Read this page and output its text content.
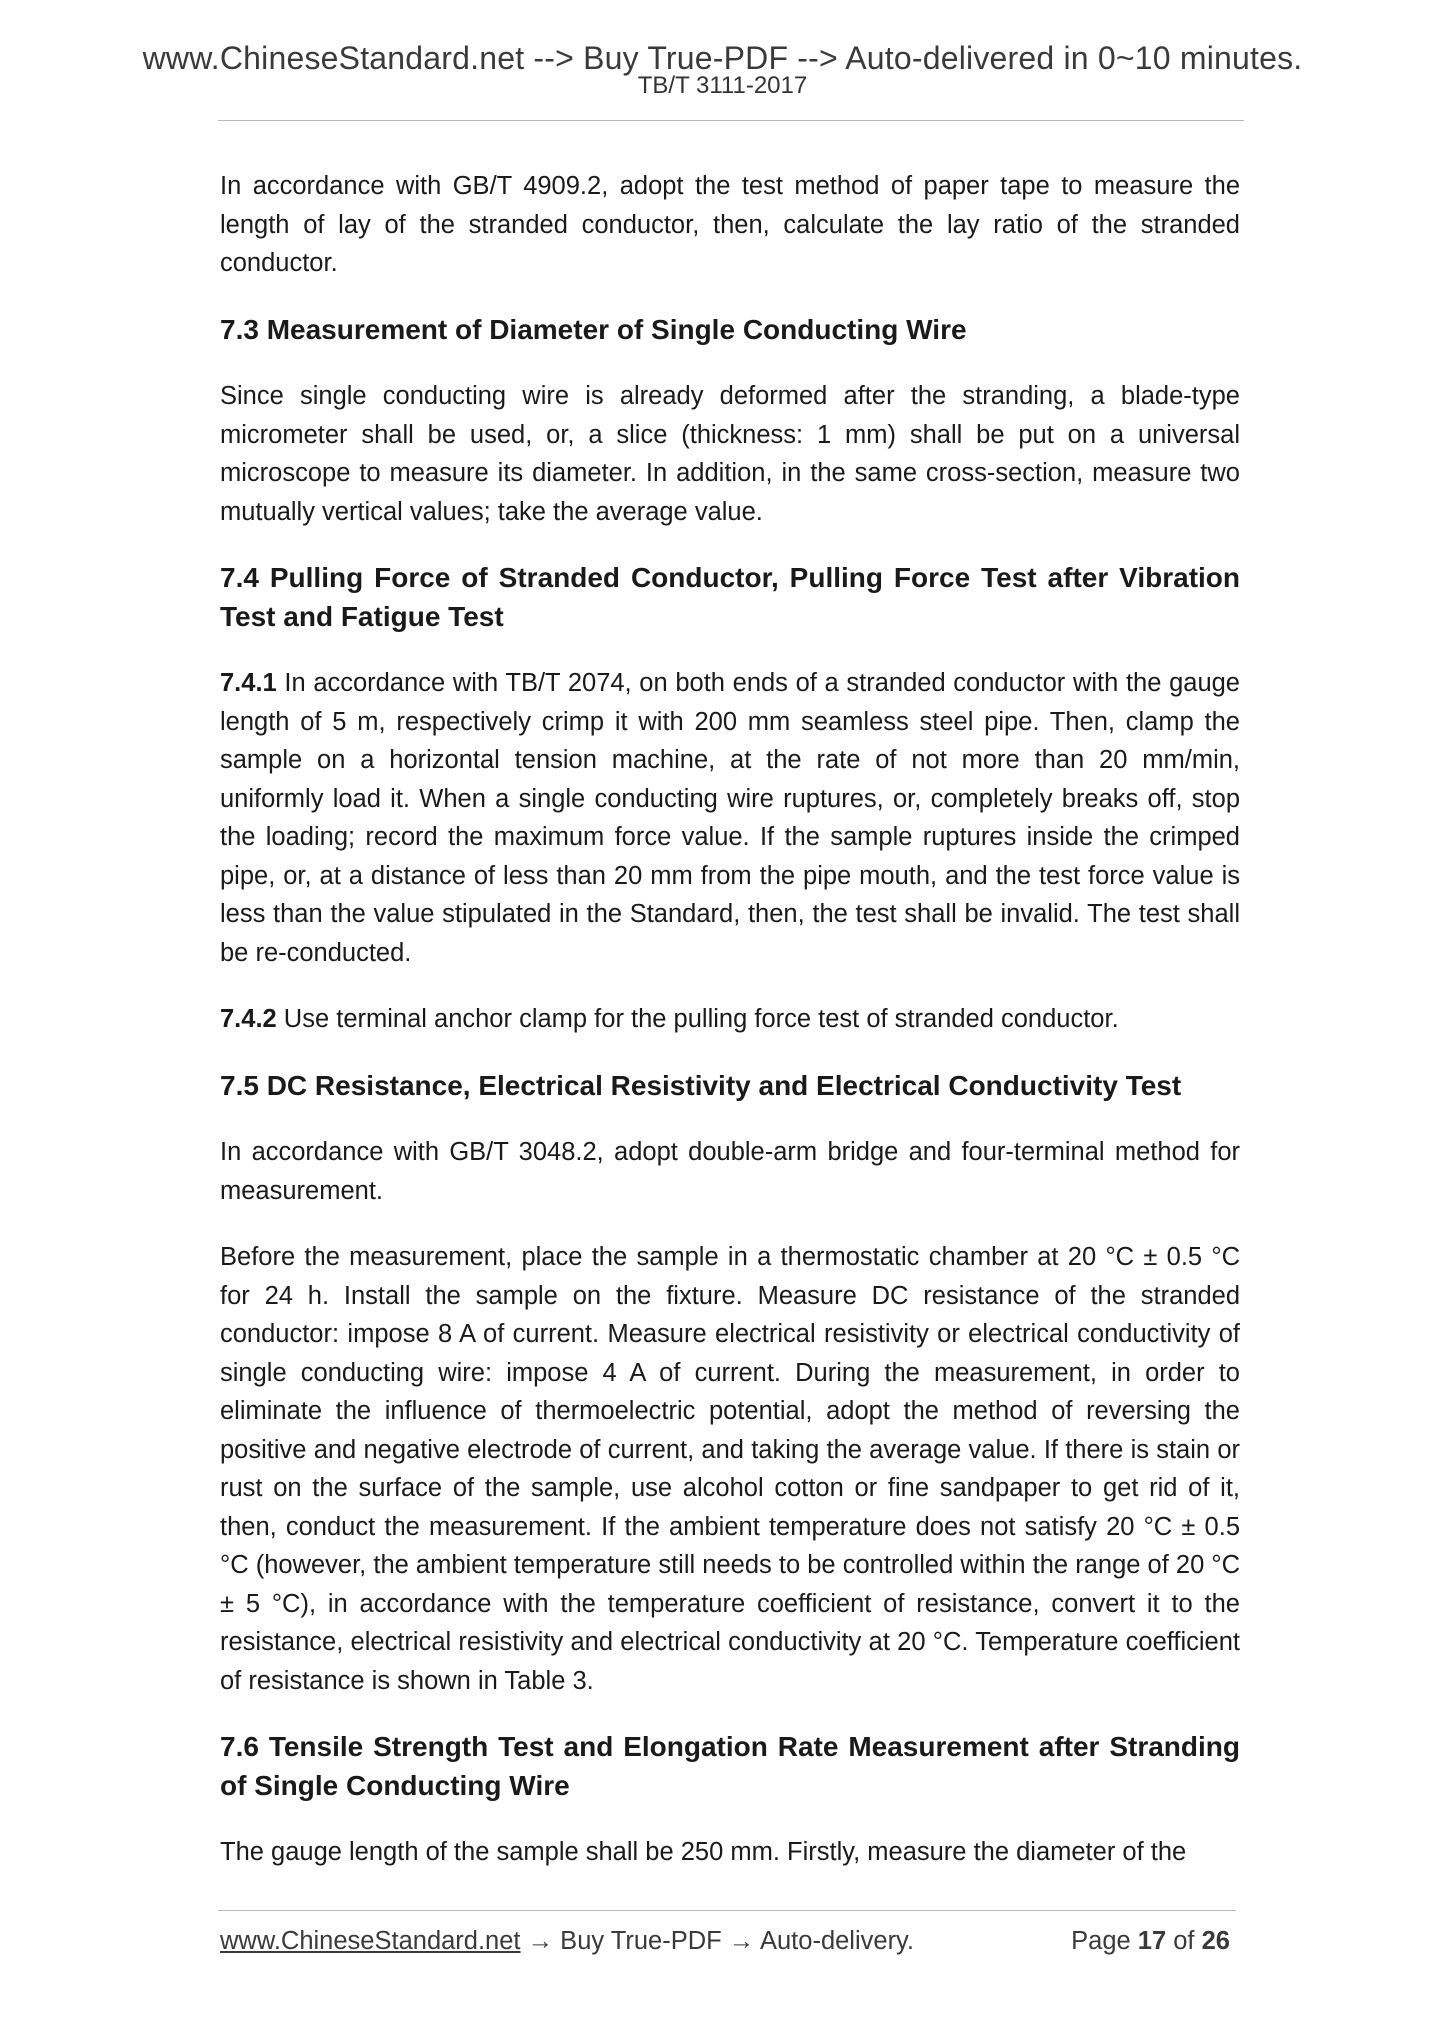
www.ChineseStandard.net --> Buy True-PDF --> Auto-delivered in 0~10 minutes.
TB/T 3111-2017

In accordance with GB/T 4909.2, adopt the test method of paper tape to measure the length of lay of the stranded conductor, then, calculate the lay ratio of the stranded conductor.

7.3 Measurement of Diameter of Single Conducting Wire

Since single conducting wire is already deformed after the stranding, a blade-type micrometer shall be used, or, a slice (thickness: 1 mm) shall be put on a universal microscope to measure its diameter. In addition, in the same cross-section, measure two mutually vertical values; take the average value.

7.4 Pulling Force of Stranded Conductor, Pulling Force Test after Vibration Test and Fatigue Test

7.4.1 In accordance with TB/T 2074, on both ends of a stranded conductor with the gauge length of 5 m, respectively crimp it with 200 mm seamless steel pipe. Then, clamp the sample on a horizontal tension machine, at the rate of not more than 20 mm/min, uniformly load it. When a single conducting wire ruptures, or, completely breaks off, stop the loading; record the maximum force value. If the sample ruptures inside the crimped pipe, or, at a distance of less than 20 mm from the pipe mouth, and the test force value is less than the value stipulated in the Standard, then, the test shall be invalid. The test shall be re-conducted.

7.4.2 Use terminal anchor clamp for the pulling force test of stranded conductor.

7.5 DC Resistance, Electrical Resistivity and Electrical Conductivity Test

In accordance with GB/T 3048.2, adopt double-arm bridge and four-terminal method for measurement.

Before the measurement, place the sample in a thermostatic chamber at 20 °C ± 0.5 °C for 24 h. Install the sample on the fixture. Measure DC resistance of the stranded conductor: impose 8 A of current. Measure electrical resistivity or electrical conductivity of single conducting wire: impose 4 A of current. During the measurement, in order to eliminate the influence of thermoelectric potential, adopt the method of reversing the positive and negative electrode of current, and taking the average value. If there is stain or rust on the surface of the sample, use alcohol cotton or fine sandpaper to get rid of it, then, conduct the measurement. If the ambient temperature does not satisfy 20 °C ± 0.5 °C (however, the ambient temperature still needs to be controlled within the range of 20 °C ± 5 °C), in accordance with the temperature coefficient of resistance, convert it to the resistance, electrical resistivity and electrical conductivity at 20 °C. Temperature coefficient of resistance is shown in Table 3.

7.6 Tensile Strength Test and Elongation Rate Measurement after Stranding of Single Conducting Wire

The gauge length of the sample shall be 250 mm. Firstly, measure the diameter of the

www.ChineseStandard.net → Buy True-PDF → Auto-delivery.	Page 17 of 26
